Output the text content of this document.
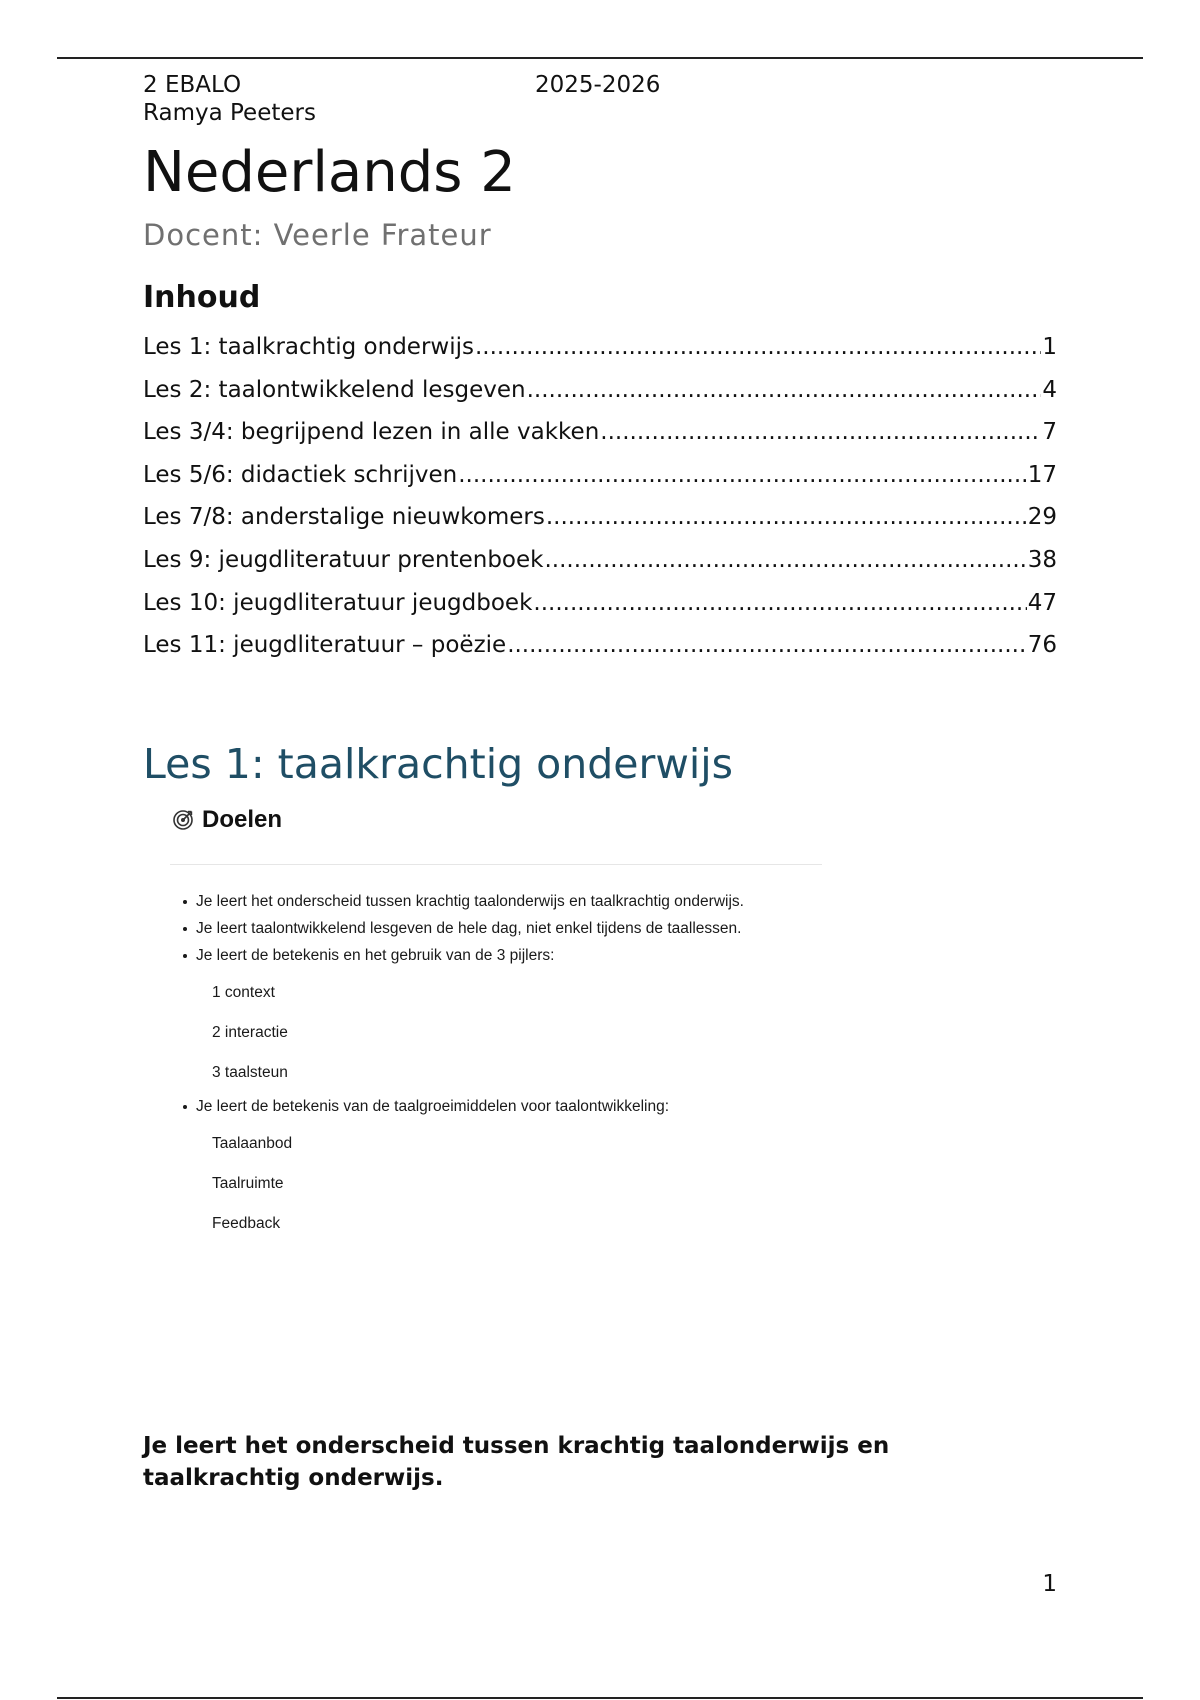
2 EBALO	2025-2026
Ramya Peeters
Nederlands 2

Docent: Veerle Frateur

Inhoud
Les 1: taalkrachtig onderwijs .....	1
Les 2: taalontwikkelend lesgeven .....	4
Les 3/4: begrijpend lezen in alle vakken .....	7
Les 5/6: didactiek schrijven .....	17
Les 7/8: anderstalige nieuwkomers .....	29
Les 9: jeugdliteratuur prentenboek .....	38
Les 10: jeugdliteratuur jeugdboek .....	47
Les 11: jeugdliteratuur – poëzie .....	76
Les 1: taalkrachtig onderwijs
Doelen
Je leert het onderscheid tussen krachtig taalonderwijs en taalkrachtig onderwijs.
Je leert taalontwikkelend lesgeven de hele dag, niet enkel tijdens de taallessen.
Je leert de betekenis en het gebruik van de 3 pijlers:
1 context
2 interactie
3 taalsteun
Je leert de betekenis van de taalgroeimiddelen voor taalontwikkeling:
Taalaanbod
Taalruimte
Feedback

Je leert het onderscheid tussen krachtig taalonderwijs en taalkrachtig onderwijs.

1
